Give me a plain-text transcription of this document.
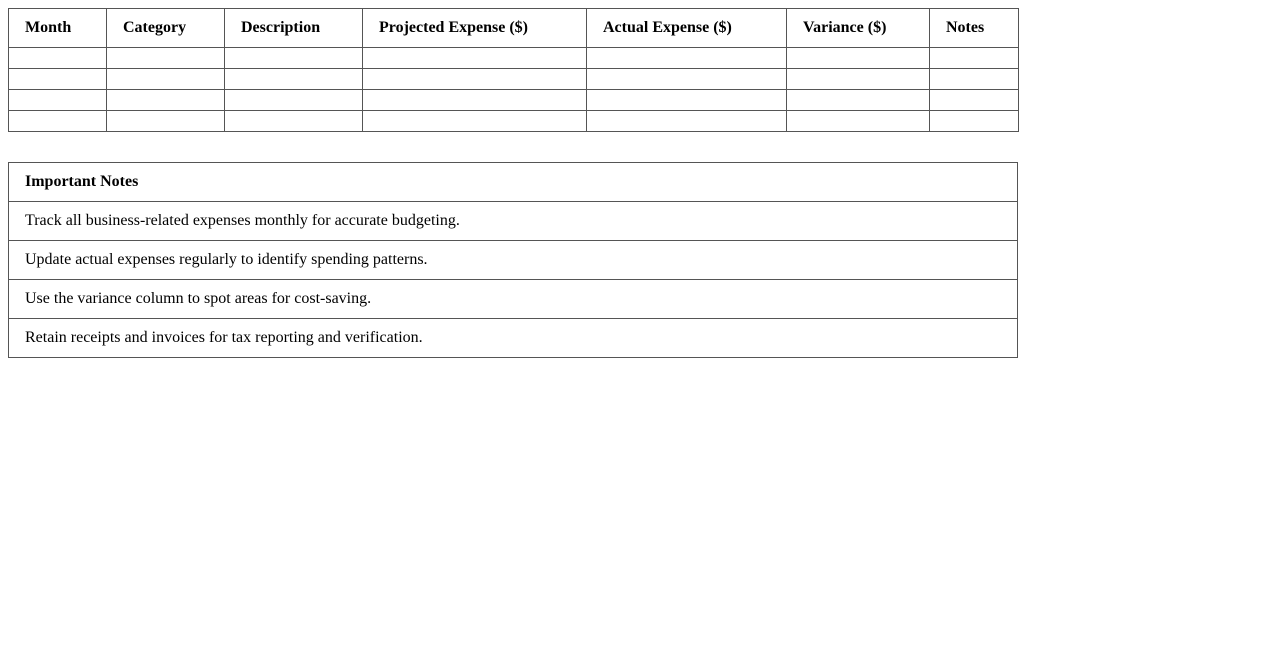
Month	Category	Description	Projected Expense ($)	Actual Expense ($)	Variance ($)	Notes

Important Notes
Track all business-related expenses monthly for accurate budgeting.
Update actual expenses regularly to identify spending patterns.
Use the variance column to spot areas for cost-saving.
Retain receipts and invoices for tax reporting and verification.
